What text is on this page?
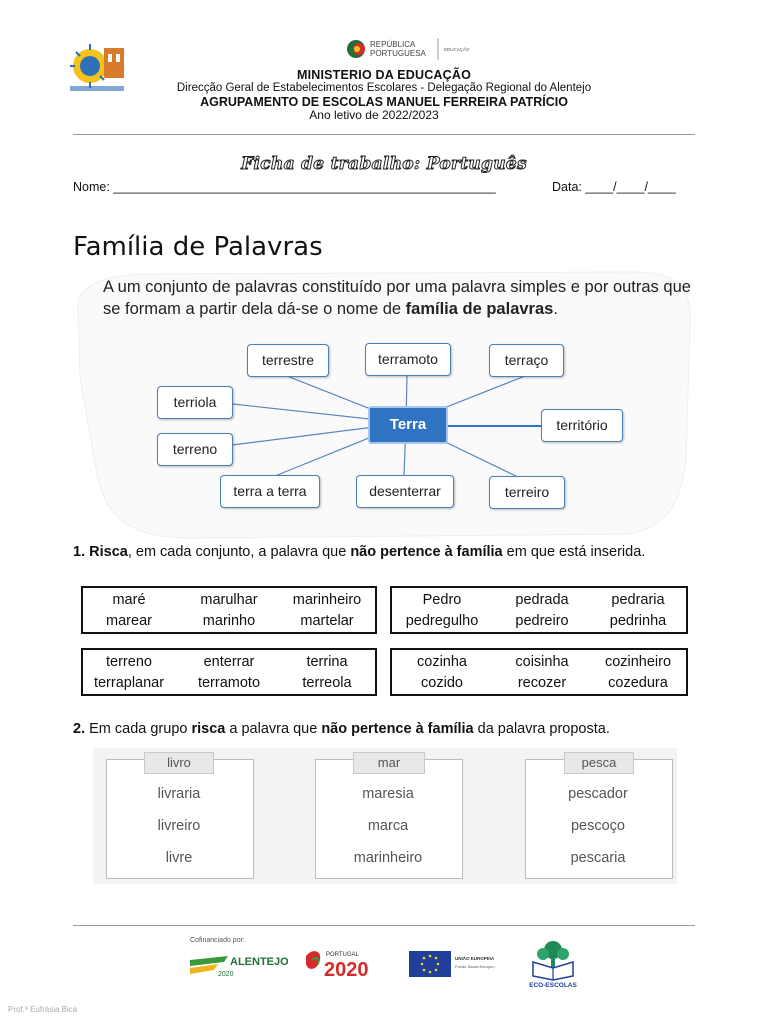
REPÚBLICA
PORTUGUESA	EDUCAÇÃO
MINISTERIO DA EDUCAÇÃO
Direcção Geral de Estabelecimentos Escolares - Delegação Regional do Alentejo
AGRUPAMENTO DE ESCOLAS MANUEL FERREIRA PATRÍCIO
Ano letivo de 2022/2023
Ficha de trabalho: Português
Nome: _______________________________________________________	Data: ____/____/____
Família de Palavras
A um conjunto de palavras constituído por uma palavra simples e por outras que se formam a partir dela dá-se o nome de família de palavras.
terrestre	terramoto	terraço
terriola
território
terreno
terra a terra	desenterrar	terreiro
Terra
1. Risca, em cada conjunto, a palavra que não pertence à família em que está inserida.
maré	marulhar	marinheiro
marear	marinho	martelar
Pedro	pedrada	pedraria
pedregulho	pedreiro	pedrinha
terreno	enterrar	terrina
terraplanar	terramoto	terreola
cozinha	coisinha	cozinheiro
cozido	recozer	cozedura
2. Em cada grupo risca a palavra que não pertence à família da palavra proposta.
livro
livraria
livreiro
livre
mar
maresia
marca
marinheiro
pesca
pescador
pescoço
pescaria
Cofinanciado por:
ALENTEJO
2020
PORTUGAL
2020
UNIÃO EUROPEIA
Fundo Social Europeu
ECO-ESCOLAS
Prof.ª Eufrásia Bica
